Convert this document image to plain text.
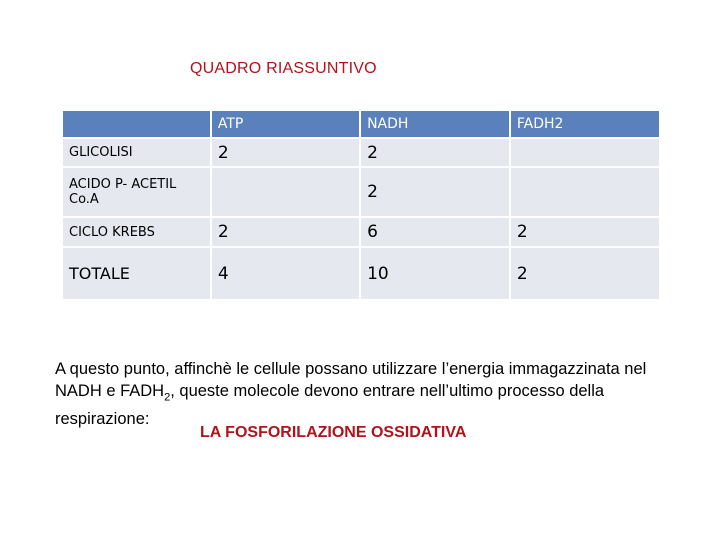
QUADRO RIASSUNTIVO
	ATP	NADH	FADH2
GLICOLISI	2	2	
ACIDO P- ACETIL Co.A		2	
CICLO KREBS	2	6	2
TOTALE	4	10	2
A questo punto, affinchè le cellule possano utilizzare l’energia immagazzinata nel NADH e $FADH_2$, queste molecole devono entrare nell’ultimo processo della respirazione:
LA FOSFORILAZIONE OSSIDATIVA
